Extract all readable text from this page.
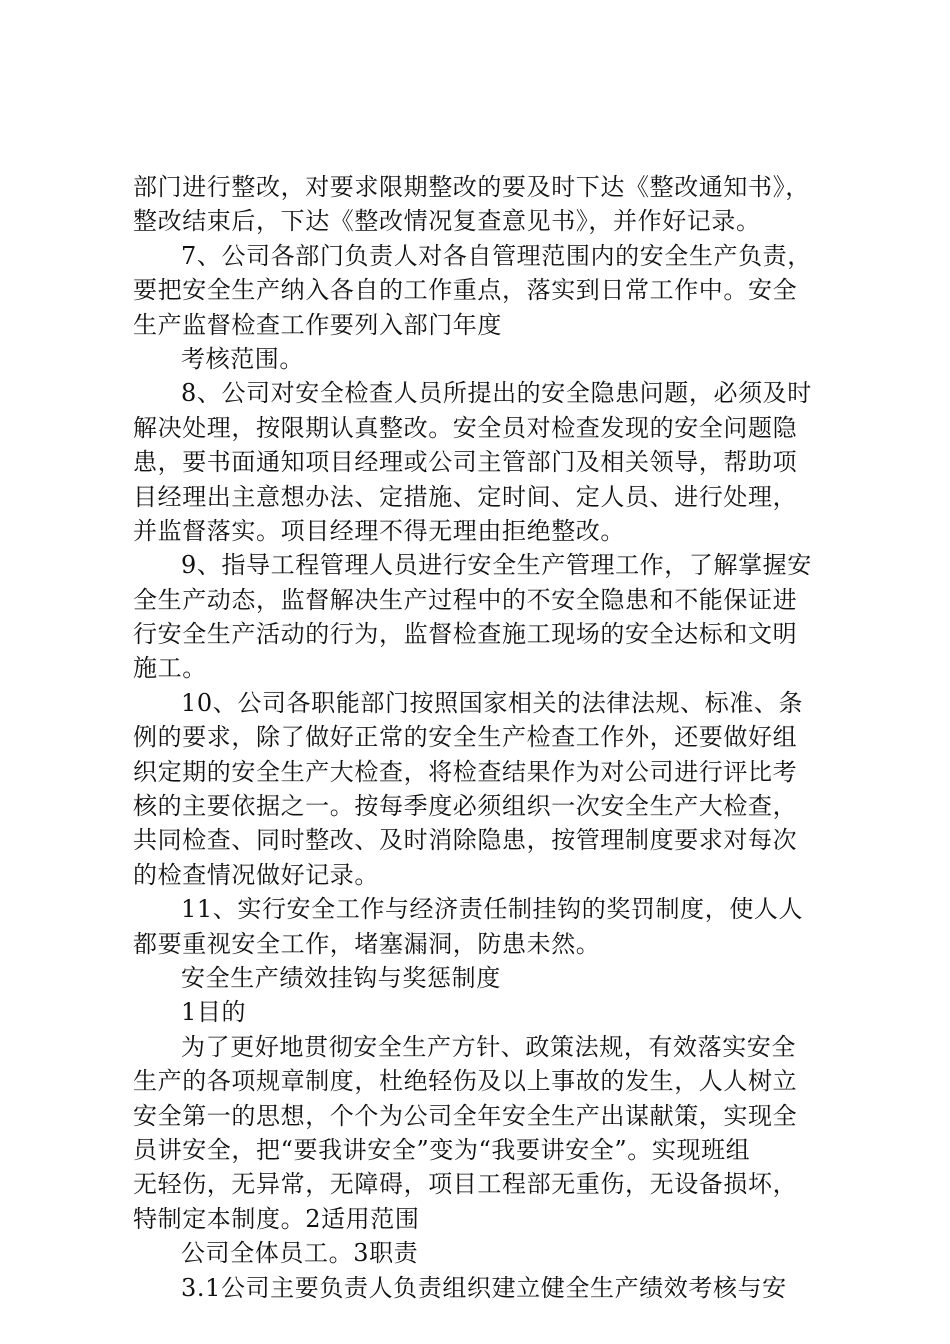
部门进行整改，对要求限期整改的要及时下达《整改通知书》，
整改结束后，下达《整改情况复查意见书》，并作好记录。
7、公司各部门负责人对各自管理范围内的安全生产负责，
要把安全生产纳入各自的工作重点，落实到日常工作中。安全
生产监督检查工作要列入部门年度
考核范围。
8、公司对安全检查人员所提出的安全隐患问题，必须及时
解决处理，按限期认真整改。安全员对检查发现的安全问题隐
患，要书面通知项目经理或公司主管部门及相关领导，帮助项
目经理出主意想办法、定措施、定时间、定人员、进行处理，
并监督落实。项目经理不得无理由拒绝整改。
9、指导工程管理人员进行安全生产管理工作，了解掌握安
全生产动态，监督解决生产过程中的不安全隐患和不能保证进
行安全生产活动的行为，监督检查施工现场的安全达标和文明
施工。
10、公司各职能部门按照国家相关的法律法规、标准、条
例的要求，除了做好正常的安全生产检查工作外，还要做好组
织定期的安全生产大检查，将检查结果作为对公司进行评比考
核的主要依据之一。按每季度必须组织一次安全生产大检查，
共同检查、同时整改、及时消除隐患，按管理制度要求对每次
的检查情况做好记录。
11、实行安全工作与经济责任制挂钩的奖罚制度，使人人
都要重视安全工作，堵塞漏洞，防患未然。
安全生产绩效挂钩与奖惩制度
1目的
为了更好地贯彻安全生产方针、政策法规，有效落实安全
生产的各项规章制度，杜绝轻伤及以上事故的发生，人人树立
安全第一的思想，个个为公司全年安全生产出谋献策，实现全
员讲安全，把“要我讲安全”变为“我要讲安全”。实现班组
无轻伤，无异常，无障碍，项目工程部无重伤，无设备损坏，
特制定本制度。2适用范围
公司全体员工。3职责
3.1公司主要负责人负责组织建立健全生产绩效考核与安
